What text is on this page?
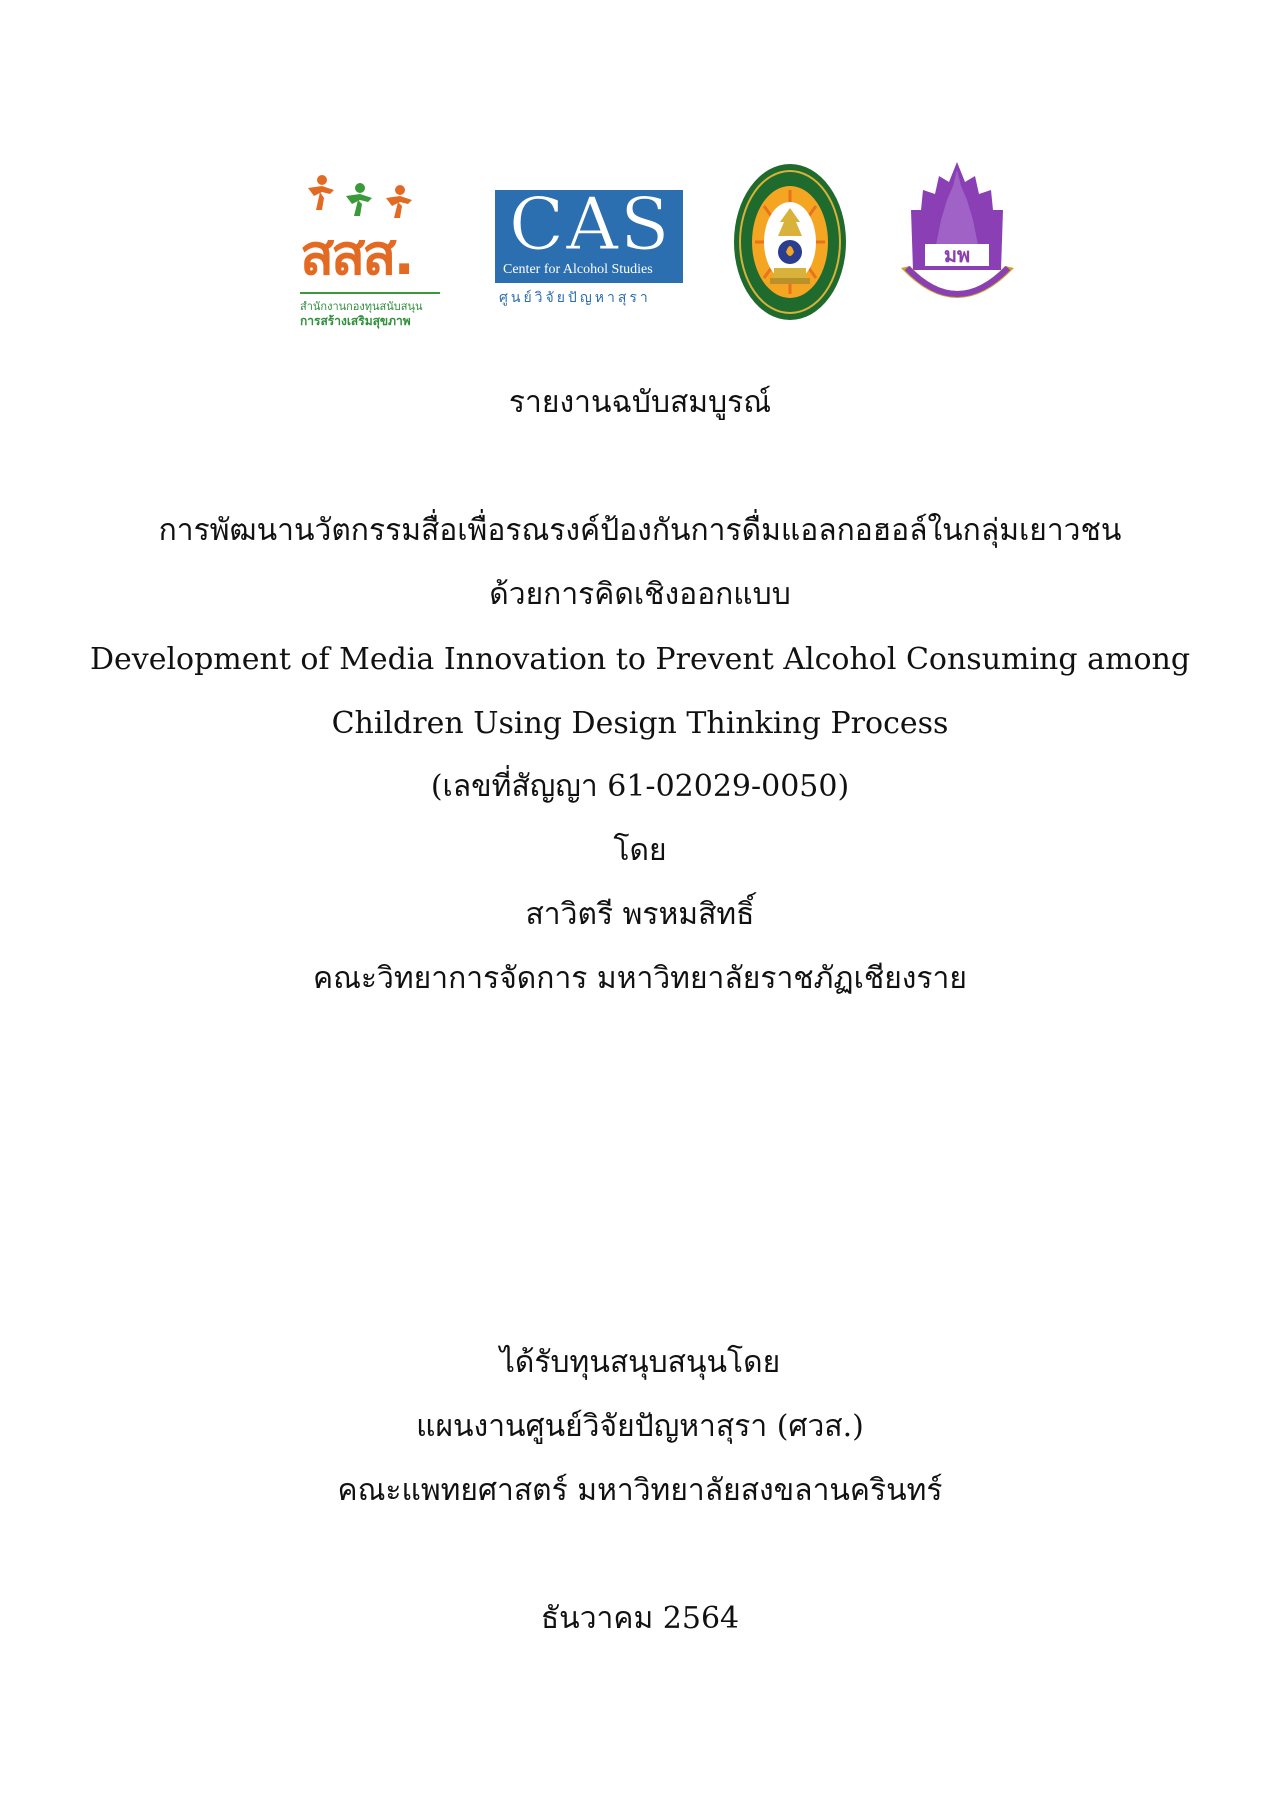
สสส.
สำนักงานกองทุนสนับสนุน
การสร้างเสริมสุขภาพ
CAS
Center for Alcohol Studies
ศูนย์วิจัยปัญหาสุรา
มพ
รายงานฉบับสมบูรณ์
การพัฒนานวัตกรรมสื่อเพื่อรณรงค์ป้องกันการดื่มแอลกอฮอล์ในกลุ่มเยาวชน
ด้วยการคิดเชิงออกแบบ
Development of Media Innovation to Prevent Alcohol Consuming among
Children Using Design Thinking Process
(เลขที่สัญญา 61-02029-0050)
โดย
สาวิตรี พรหมสิทธิ์
คณะวิทยาการจัดการ มหาวิทยาลัยราชภัฏเชียงราย
ได้รับทุนสนุบสนุนโดย
แผนงานศูนย์วิจัยปัญหาสุรา (ศวส.)
คณะแพทยศาสตร์ มหาวิทยาลัยสงขลานครินทร์
ธันวาคม 2564
